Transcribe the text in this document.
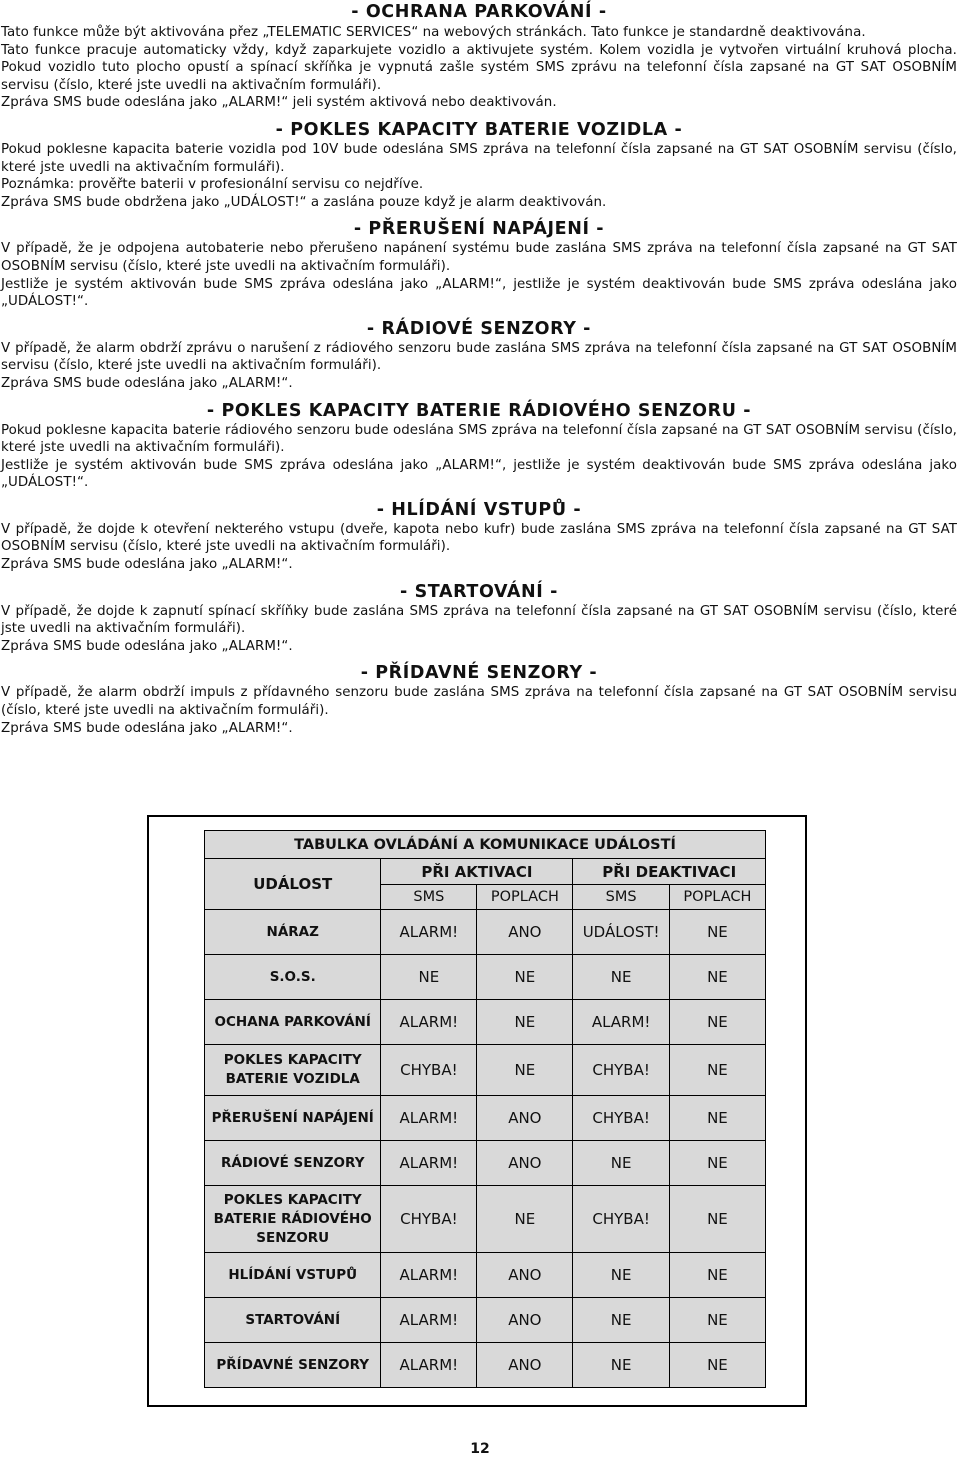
- OCHRANA PARKOVÁNÍ -

Tato funkce může být aktivována přez „TELEMATIC SERVICES“ na webových stránkách. Tato funkce je standardně deaktivována.

Tato funkce pracuje automaticky vždy, když zaparkujete vozidlo a aktivujete systém. Kolem vozidla je vytvořen virtuální kruhová plocha. Pokud vozidlo tuto plocho opustí a spínací skříňka je vypnutá zašle systém SMS zprávu na telefonní čísla zapsané na GT SAT OSOBNÍM servisu (číslo, které jste uvedli na aktivačním formuláři).

Zpráva SMS bude odeslána jako „ALARM!“ jeli systém aktivová nebo deaktivován.

- POKLES KAPACITY BATERIE VOZIDLA -

Pokud poklesne kapacita baterie vozidla pod 10V bude odeslána SMS zpráva na telefonní čísla zapsané na GT SAT OSOBNÍM servisu (číslo, které jste uvedli na aktivačním formuláři).

Poznámka: prověřte baterii v profesionální servisu co nejdříve.

Zpráva SMS bude obdržena jako „UDÁLOST!“ a zaslána pouze když je alarm deaktivován.

- PŘERUŠENÍ NAPÁJENÍ -

V případě, že je odpojena autobaterie nebo přerušeno napánení systému bude zaslána SMS zpráva na telefonní čísla zapsané na GT SAT OSOBNÍM servisu (číslo, které jste uvedli na aktivačním formuláři).

Jestliže je systém aktivován bude SMS zpráva odeslána jako „ALARM!“, jestliže je systém deaktivován bude SMS zpráva odeslána jako „UDÁLOST!“.

- RÁDIOVÉ SENZORY -

V případě, že alarm obdrží zprávu o narušení z rádiového senzoru bude zaslána SMS zpráva na telefonní čísla zapsané na GT SAT OSOBNÍM servisu (číslo, které jste uvedli na aktivačním formuláři).

Zpráva SMS bude odeslána jako „ALARM!“.

- POKLES KAPACITY BATERIE RÁDIOVÉHO SENZORU -

Pokud poklesne kapacita baterie rádiového senzoru bude odeslána SMS zpráva na telefonní čísla zapsané na GT SAT OSOBNÍM servisu (číslo, které jste uvedli na aktivačním formuláři).

Jestliže je systém aktivován bude SMS zpráva odeslána jako „ALARM!“, jestliže je systém deaktivován bude SMS zpráva odeslána jako „UDÁLOST!“.

- HLÍDÁNÍ VSTUPŮ -

V případě, že dojde k otevření nekterého vstupu (dveře, kapota nebo kufr) bude zaslána SMS zpráva na telefonní čísla zapsané na GT SAT OSOBNÍM servisu (číslo, které jste uvedli na aktivačním formuláři).

Zpráva SMS bude odeslána jako „ALARM!“.

- STARTOVÁNÍ -

V případě, že dojde k zapnutí spínací skříňky bude zaslána SMS zpráva na telefonní čísla zapsané na GT SAT OSOBNÍM servisu (číslo, které jste uvedli na aktivačním formuláři).

Zpráva SMS bude odeslána jako „ALARM!“.

- PŘÍDAVNÉ SENZORY -

V případě, že alarm obdrží impuls z přídavného senzoru bude zaslána SMS zpráva na telefonní čísla zapsané na GT SAT OSOBNÍM servisu (číslo, které jste uvedli na aktivačním formuláři).

Zpráva SMS bude odeslána jako „ALARM!“.

TABULKA OVLÁDÁNÍ A KOMUNIKACE UDÁLOSTÍ				
UDÁLOST	PŘI AKTIVACI		PŘI DEAKTIVACI	
	SMS	POPLACH	SMS	POPLACH
NÁRAZ	ALARM!	ANO	UDÁLOST!	NE
S.O.S.	NE	NE	NE	NE
OCHANA PARKOVÁNÍ	ALARM!	NE	ALARM!	NE
POKLES KAPACITY BATERIE VOZIDLA	CHYBA!	NE	CHYBA!	NE
PŘERUŠENÍ NAPÁJENÍ	ALARM!	ANO	CHYBA!	NE
RÁDIOVÉ SENZORY	ALARM!	ANO	NE	NE
POKLES KAPACITY BATERIE RÁDIOVÉHO SENZORU	CHYBA!	NE	CHYBA!	NE
HLÍDÁNÍ VSTUPŮ	ALARM!	ANO	NE	NE
STARTOVÁNÍ	ALARM!	ANO	NE	NE
PŘÍDAVNÉ SENZORY	ALARM!	ANO	NE	NE
12
